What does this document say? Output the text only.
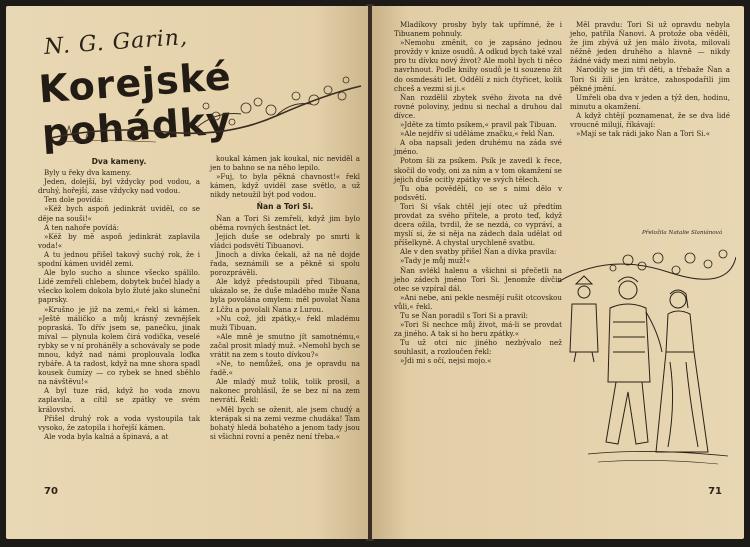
N. G. Garin,
Korejské pohádky
Dva kameny.

Byly u řeky dva kameny.

Jeden, dolejší, byl vždycky pod vodou, a druhý, hořejší, zase vždycky nad vodou.

Ten dole povídá:

»Kéž bych aspoň jedinkrát uviděl, co se děje na souši!«

A ten nahoře povídá:

»Kéž by mě aspoň jedinkrát zaplavila voda!«

A tu jednou přišel takový suchý rok, že i spodní kámen uviděl zemi.

Ale bylo sucho a slunce všecko spálilo. Lidé zemřeli chlebem, dobytek bučel hlady a všecko kolem dokola bylo žluté jako sluneční paprsky.

»Krušno je již na zemi,« řekl si kámen. »Ještě máličko a můj krásný zevnějšek popraská. To dřív jsem se, panečku, jinak míval — plynula kolem čirá vodička, veselé rybky se v ní proháněly a schovávaly se pode mnou, když nad námi proplouvala loďka rybáře. A ta radost, když na mne shora spadl kousek čumízy — co rybek se hned sběhlo na návštěvu!«

A byl tuze rád, když ho voda znovu zaplavila, a cítil se zpátky ve svém království.

Přišel druhý rok a voda vystoupila tak vysoko, že zatopila i hořejší kámen.

Ale voda byla kalná a špinavá, a at

koukal kámen jak koukal, nic neviděl a jen to bahno se na něho lepilo.

»Fuj, to byla pěkná chavnost!« řekl kámen, když uviděl zase světlo, a už nikdy netoužil být pod vodou.

Ňan a Tori Si.

Ňan a Tori Si zemřeli, když jim bylo oběma rovných šestnáct let.

Jejich duše se odebraly po smrti k vládci podsvětí Tibuanovi.

Jinoch a dívka čekali, až na ně dojde řada, seznámili se a pěkně si spolu porozprávěli.

Ale když předstoupili před Tibuana, ukázalo se, že duše mladého muže Ňana byla povolána omylem: měl povolat Ňana z Lčžu a povolali Ňana z Lurou.

»Nu což, jdi zpátky,« řekl mladému muži Tibuan.

»Ale mně je smutno jít samotnému,« začal prosit mladý muž. »Nemohl bych se vrátit na zem s touto dívkou?«

»Ne, to nemůžeš, ona je opravdu na řadě.«

Ale mladý muž tolik, tolik prosil, a nakonec prohlásil, že se bez ní na zem nevrátí. Řekl:

»Měl bych se oženit, ale jsem chudý a kterápak si na zemi vezme chudáka! Tam bohatý hledá bohatého a jenom tady jsou si všichni rovní a peněz není třeba.«

70

Mladíkovy prosby byly tak upřímné, že i Tibuanem pohnuly.

»Nemohu změnit, co je zapsáno jednou provždy v knize osudů. A odkud bych také vzal pro tu dívku nový život? Ale mohl bych ti něco navrhnout. Podle knihy osudů je ti souzeno žít do osmdesáti let. Oddělí z nich čtyřicet, kolik chceš a vezmi si ji.«

Ňan rozdělil zbytek svého života na dvě rovné poloviny, jednu si nechal a druhou dal dívce.

»Jděte za tímto psíkem,« pravil pak Tibuan.

»Ale nejdřív si uděláme značku,« řekl Ňan.

A oba napsali jeden druhému na záda své jméno.

Potom šli za psíkem. Psík je zavedl k řece, skočil do vody, oni za ním a v tom okamžení se jejich duše ocitly zpátky ve svých tělech.

Tu oba povědělí, co se s nimi dělo v podsvětí.

Tori Si však chtěl její otec už předtím provdat za svého přítele, a proto teď, když dcera ožila, tvrdil, že se nezdá, co vypráví, a myslí si, že si něja na zádech dala udělat od příšelkyně. A chystal urychleně svatbu.

Ale v den svatby přišel Ňan a dívka pravila:

»Tady je můj muž!«

Ňan svlékl halenu a všichni si přečetli na jeho zádech jméno Tori Si. Jenomže dívčin otec se vzpíral dál.

»Ani nebe, ani pekle nesmějí rušit otcovskou vůli,« řekl.

Tu se Ňan poradil s Tori Si a pravil:

»Tori Si nechce můj život, má-li se provdat za jiného. A tak si ho beru zpátky.«

Tu už otci nic jiného nezbývalo než souhlasit, a rozloučen řekl:

»Jdi mi s očí, nejsi mojo.«

Měl pravdu: Tori Si už opravdu nebyla jeho, patřila Ňanovi. A protože oba věděli, že jim zbývá už jen málo života, milovali něžně jeden druhého a hlavně — nikdy žádné vády mezi nimi nebylo.

Narodily se jim tři děti, a třebaže Ňan a Tori Si žili jen krátce, zahospodařili jim pěkné jmění.

Umřeli oba dva v jeden a týž den, hodinu, minutu a okamžení.

A když chtějí poznamenat, že se dva lidé vroucně milují, říkávají:

»Mají se tak rádi jako Ňan a Tori Si.«

Přeložila Natalie Slaniánová
71
